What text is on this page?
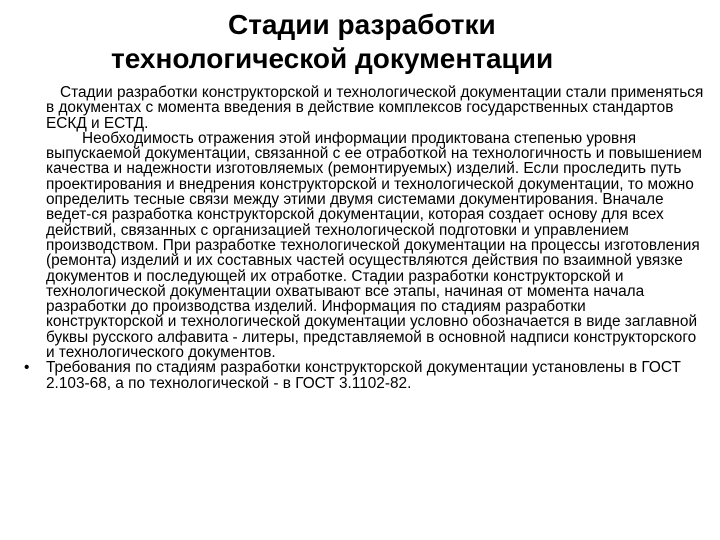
Стадии разработки
технологической документации

Стадии разработки конструкторской и технологической документации стали применяться в документах с момента введения в действие комплексов государственных стандартов ЕСКД и ЕСТД.

Необходимость отражения этой информации продиктована степенью уровня выпускаемой документации, связанной с ее отработкой на технологичность и повышением качества и надежности изготовляемых (ремонтируемых) изделий. Если проследить путь проектирования и внедрения конструкторской и технологической документации, то можно определить тесные связи между этими двумя системами документирования. Вначале ведет-ся разработка конструкторской документации, которая создает основу для всех действий, связанных с организацией технологической подготовки и управлением производством. При разработке технологической документации на процессы изготовления (ремонта) изделий и их составных частей осуществляются действия по взаимной увязке документов и последующей их отработке. Стадии разработки конструкторской и технологической документации охватывают все этапы, начиная от момента начала разработки до производства изделий. Информация по стадиям разработки конструкторской и технологической документации условно обозначается в виде заглавной буквы русского алфавита - литеры, представляемой в основной надписи конструкторского и технологического документов.

• Требования по стадиям разработки конструкторской документации установлены в ГОСТ 2.103-68, а по технологической - в ГОСТ 3.1102-82.
